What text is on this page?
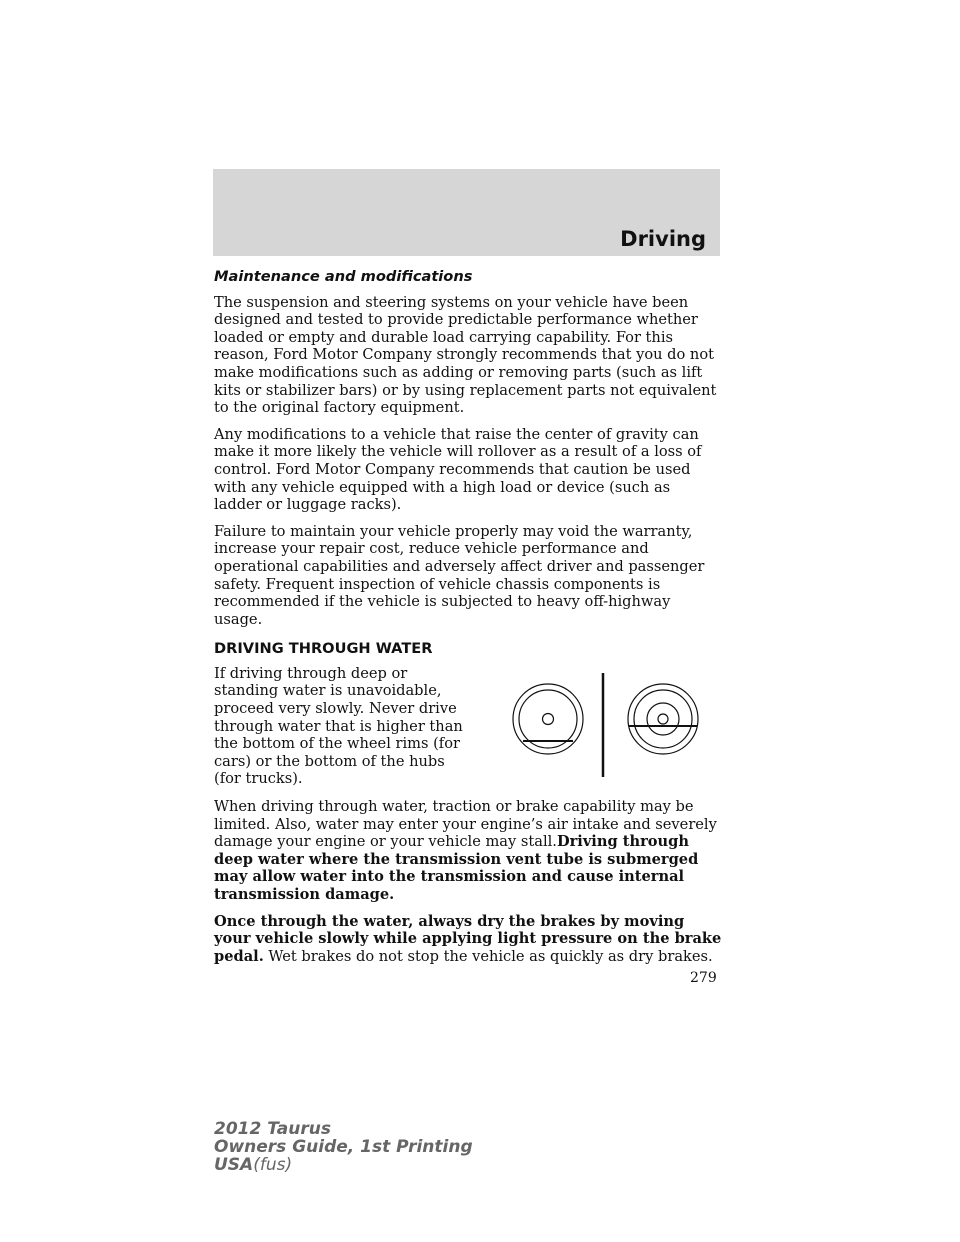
Driving
Maintenance and modifications

The suspension and steering systems on your vehicle have been designed and tested to provide predictable performance whether loaded or empty and durable load carrying capability. For this reason, Ford Motor Company strongly recommends that you do not make modifications such as adding or removing parts (such as lift kits or stabilizer bars) or by using replacement parts not equivalent to the original factory equipment.

Any modifications to a vehicle that raise the center of gravity can make it more likely the vehicle will rollover as a result of a loss of control. Ford Motor Company recommends that caution be used with any vehicle equipped with a high load or device (such as ladder or luggage racks).

Failure to maintain your vehicle properly may void the warranty, increase your repair cost, reduce vehicle performance and operational capabilities and adversely affect driver and passenger safety. Frequent inspection of vehicle chassis components is recommended if the vehicle is subjected to heavy off-highway usage.

DRIVING THROUGH WATER
If driving through deep or standing water is unavoidable, proceed very slowly. Never drive through water that is higher than the bottom of the wheel rims (for cars) or the bottom of the hubs (for trucks).

When driving through water, traction or brake capability may be limited. Also, water may enter your engine’s air intake and severely damage your engine or your vehicle may stall.Driving through deep water where the transmission vent tube is submerged may allow water into the transmission and cause internal transmission damage.

Once through the water, always dry the brakes by moving your vehicle slowly while applying light pressure on the brake pedal. Wet brakes do not stop the vehicle as quickly as dry brakes.

279
2012 Taurus
Owners Guide, 1st Printing
USA(fus)
